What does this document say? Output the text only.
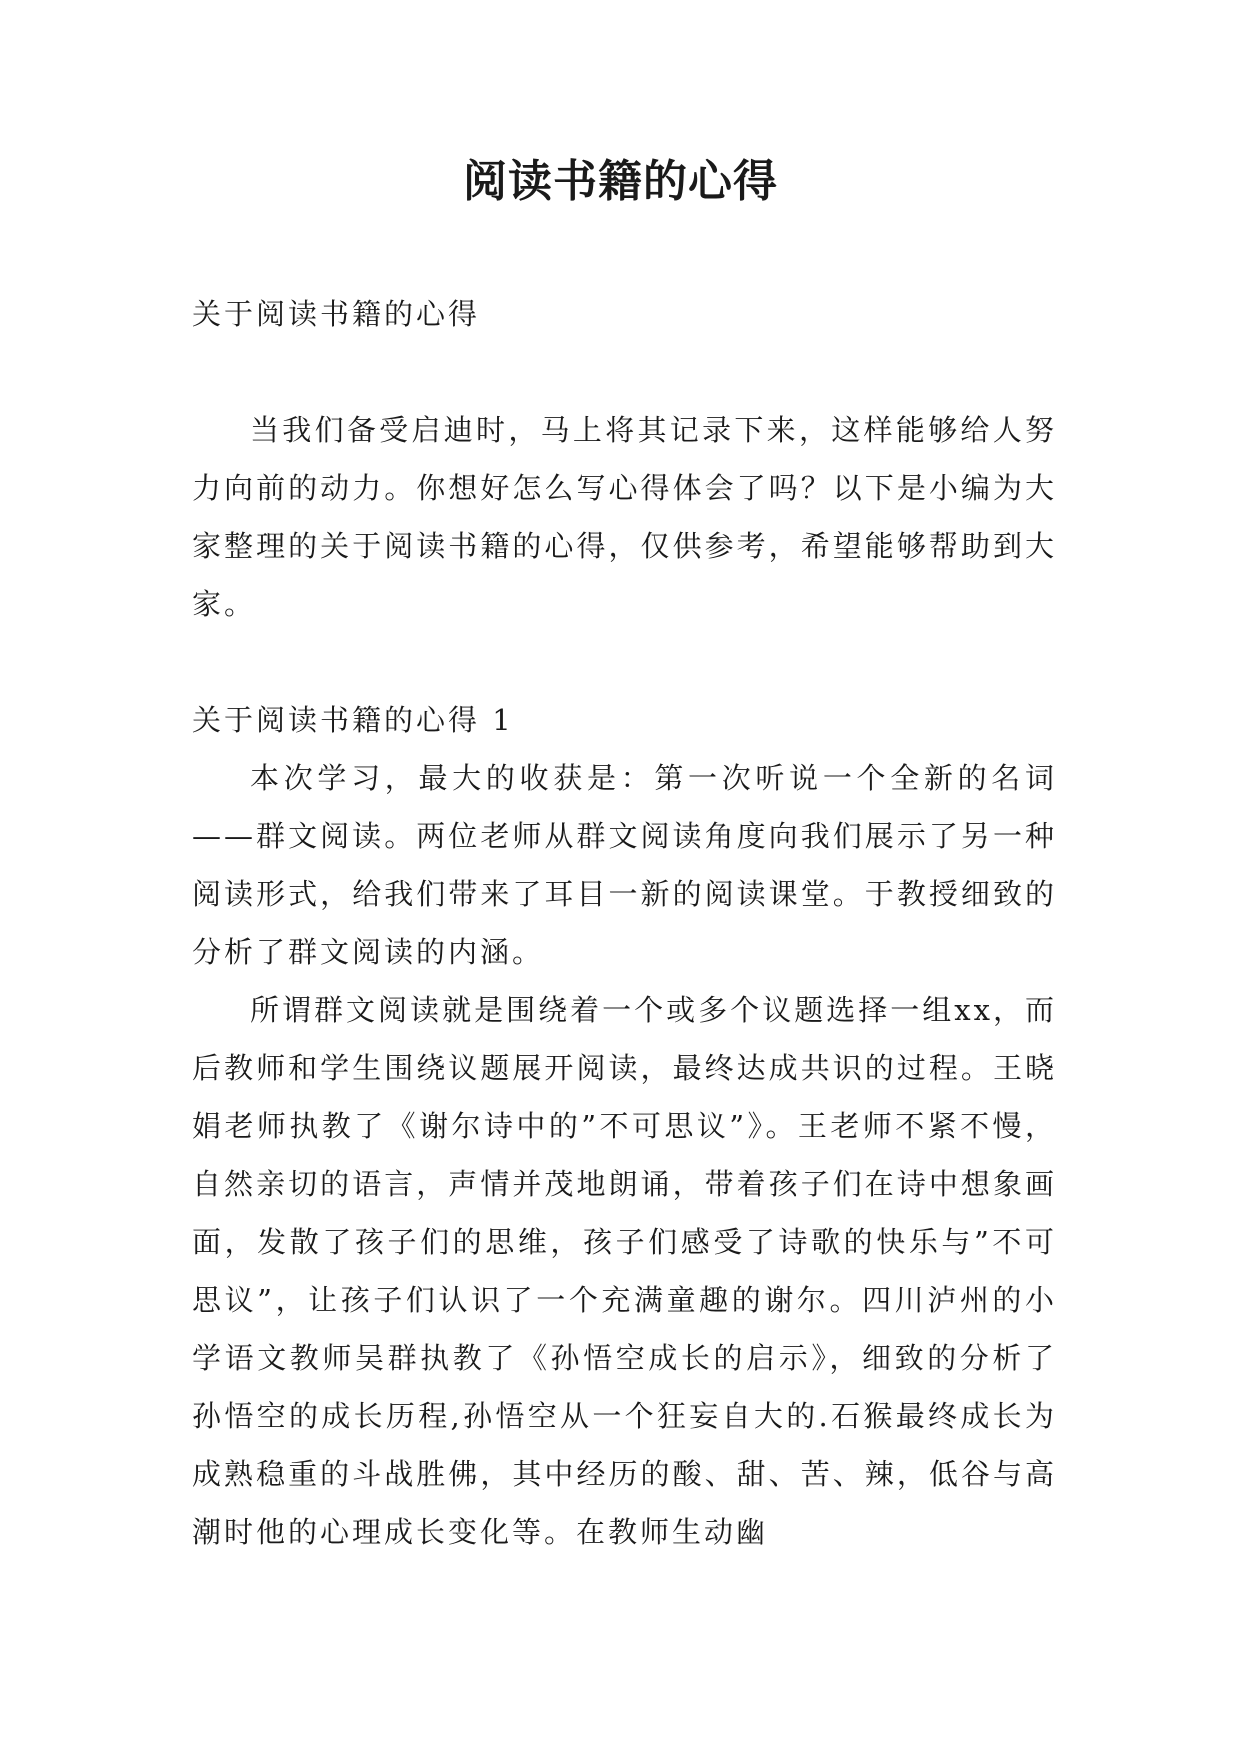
阅读书籍的心得

关于阅读书籍的心得

当我们备受启迪时，马上将其记录下来，这样能够给人努力向前的动力。你想好怎么写心得体会了吗？以下是小编为大家整理的关于阅读书籍的心得，仅供参考，希望能够帮助到大家。

关于阅读书籍的心得 1

本次学习，最大的收获是：第一次听说一个全新的名词——群文阅读。两位老师从群文阅读角度向我们展示了另一种阅读形式，给我们带来了耳目一新的阅读课堂。于教授细致的分析了群文阅读的内涵。

所谓群文阅读就是围绕着一个或多个议题选择一组xx，而后教师和学生围绕议题展开阅读，最终达成共识的过程。王晓娟老师执教了《谢尔诗中的”不可思议”》。王老师不紧不慢，自然亲切的语言，声情并茂地朗诵，带着孩子们在诗中想象画面，发散了孩子们的思维，孩子们感受了诗歌的快乐与”不可思议”，让孩子们认识了一个充满童趣的谢尔。四川泸州的小学语文教师吴群执教了《孙悟空成长的启示》，细致的分析了孙悟空的成长历程,孙悟空从一个狂妄自大的.石猴最终成长为成熟稳重的斗战胜佛，其中经历的酸、甜、苦、辣，低谷与高潮时他的心理成长变化等。在教师生动幽
